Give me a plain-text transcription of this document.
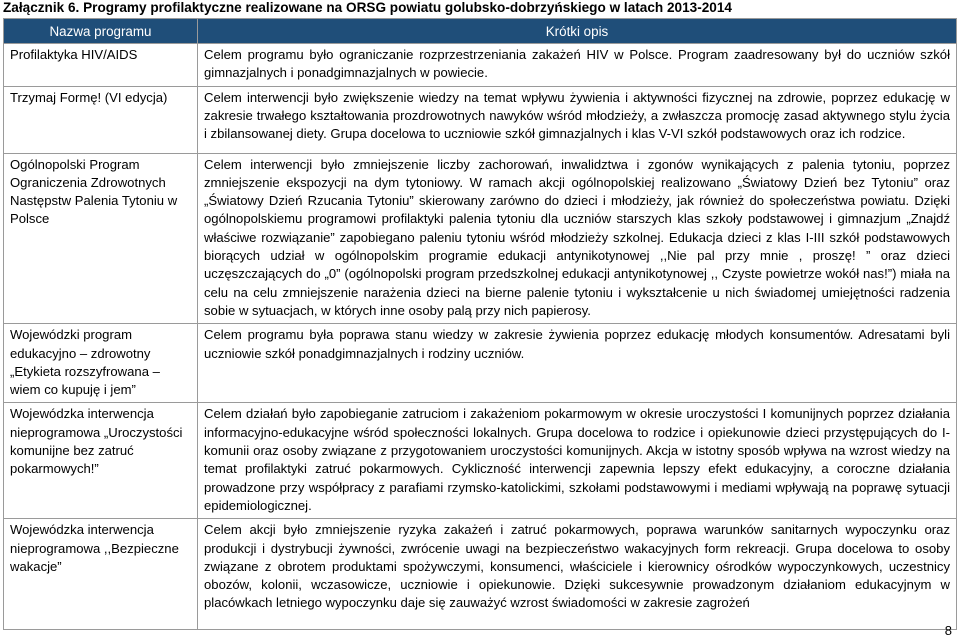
Załącznik 6. Programy profilaktyczne realizowane na ORSG powiatu golubsko-dobrzyńskiego w latach 2013-2014
Nazwa programu	Krótki opis
Profilaktyka HIV/AIDS	Celem programu było ograniczanie rozprzestrzeniania zakażeń HIV w Polsce. Program zaadresowany był do uczniów szkół gimnazjalnych i ponadgimnazjalnych w powiecie.
Trzymaj Formę! (VI edycja)	Celem interwencji było zwiększenie wiedzy na temat wpływu żywienia i aktywności fizycznej na zdrowie, poprzez edukację w zakresie trwałego kształtowania prozdrowotnych nawyków wśród młodzieży, a zwłaszcza promocję zasad aktywnego stylu życia i zbilansowanej diety. Grupa docelowa to uczniowie szkół gimnazjalnych i klas V-VI szkół podstawowych oraz ich rodzice.
Ogólnopolski Program Ograniczenia Zdrowotnych Następstw Palenia Tytoniu w Polsce	Celem interwencji było zmniejszenie liczby zachorowań, inwalidztwa i zgonów wynikających z palenia tytoniu, poprzez zmniejszenie ekspozycji na dym tytoniowy. W ramach akcji ogólnopolskiej realizowano „Światowy Dzień bez Tytoniu” oraz „Światowy Dzień Rzucania Tytoniu” skierowany zarówno do dzieci i młodzieży, jak również do społeczeństwa powiatu. Dzięki ogólnopolskiemu programowi profilaktyki palenia tytoniu dla uczniów starszych klas szkoły podstawowej i gimnazjum „Znajdź właściwe rozwiązanie” zapobiegano paleniu tytoniu wśród młodzieży szkolnej. Edukacja dzieci z klas I-III szkół podstawowych biorących udział w ogólnopolskim programie edukacji antynikotynowej ,,Nie pal przy mnie , proszę! ” oraz dzieci uczęszczających do „0” (ogólnopolski program przedszkolnej edukacji antynikotynowej ,, Czyste powietrze wokół nas!”) miała na celu na celu zmniejszenie narażenia dzieci na bierne palenie tytoniu i wykształcenie u nich świadomej umiejętności radzenia sobie w sytuacjach, w których inne osoby palą przy nich papierosy.
Wojewódzki program edukacyjno – zdrowotny „Etykieta rozszyfrowana – wiem co kupuję i jem”	Celem programu była poprawa stanu wiedzy w zakresie żywienia poprzez edukację młodych konsumentów. Adresatami byli uczniowie szkół ponadgimnazjalnych i rodziny uczniów.
Wojewódzka interwencja nieprogramowa „Uroczystości komunijne bez zatruć pokarmowych!”	Celem działań było zapobieganie zatruciom i zakażeniom pokarmowym w okresie uroczystości I komunijnych poprzez działania informacyjno-edukacyjne wśród społeczności lokalnych. Grupa docelowa to rodzice i opiekunowie dzieci przystępujących do I-komunii oraz osoby związane z przygotowaniem uroczystości komunijnych. Akcja w istotny sposób wpływa na wzrost wiedzy na temat profilaktyki zatruć pokarmowych. Cykliczność interwencji zapewnia lepszy efekt edukacyjny, a coroczne działania prowadzone przy współpracy z parafiami rzymsko-katolickimi, szkołami podstawowymi i mediami wpływają na poprawę sytuacji epidemiologicznej.
Wojewódzka interwencja nieprogramowa ,,Bezpieczne wakacje”	Celem akcji było zmniejszenie ryzyka zakażeń i zatruć pokarmowych, poprawa warunków sanitarnych wypoczynku oraz produkcji i dystrybucji żywności, zwrócenie uwagi na bezpieczeństwo wakacyjnych form rekreacji. Grupa docelowa to osoby związane z obrotem produktami spożywczymi, konsumenci, właściciele i kierownicy ośrodków wypoczynkowych, uczestnicy obozów, kolonii, wczasowicze, uczniowie i opiekunowie. Dzięki sukcesywnie prowadzonym działaniom edukacyjnym w placówkach letniego wypoczynku daje się zauważyć wzrost świadomości w zakresie zagrożeń
8
